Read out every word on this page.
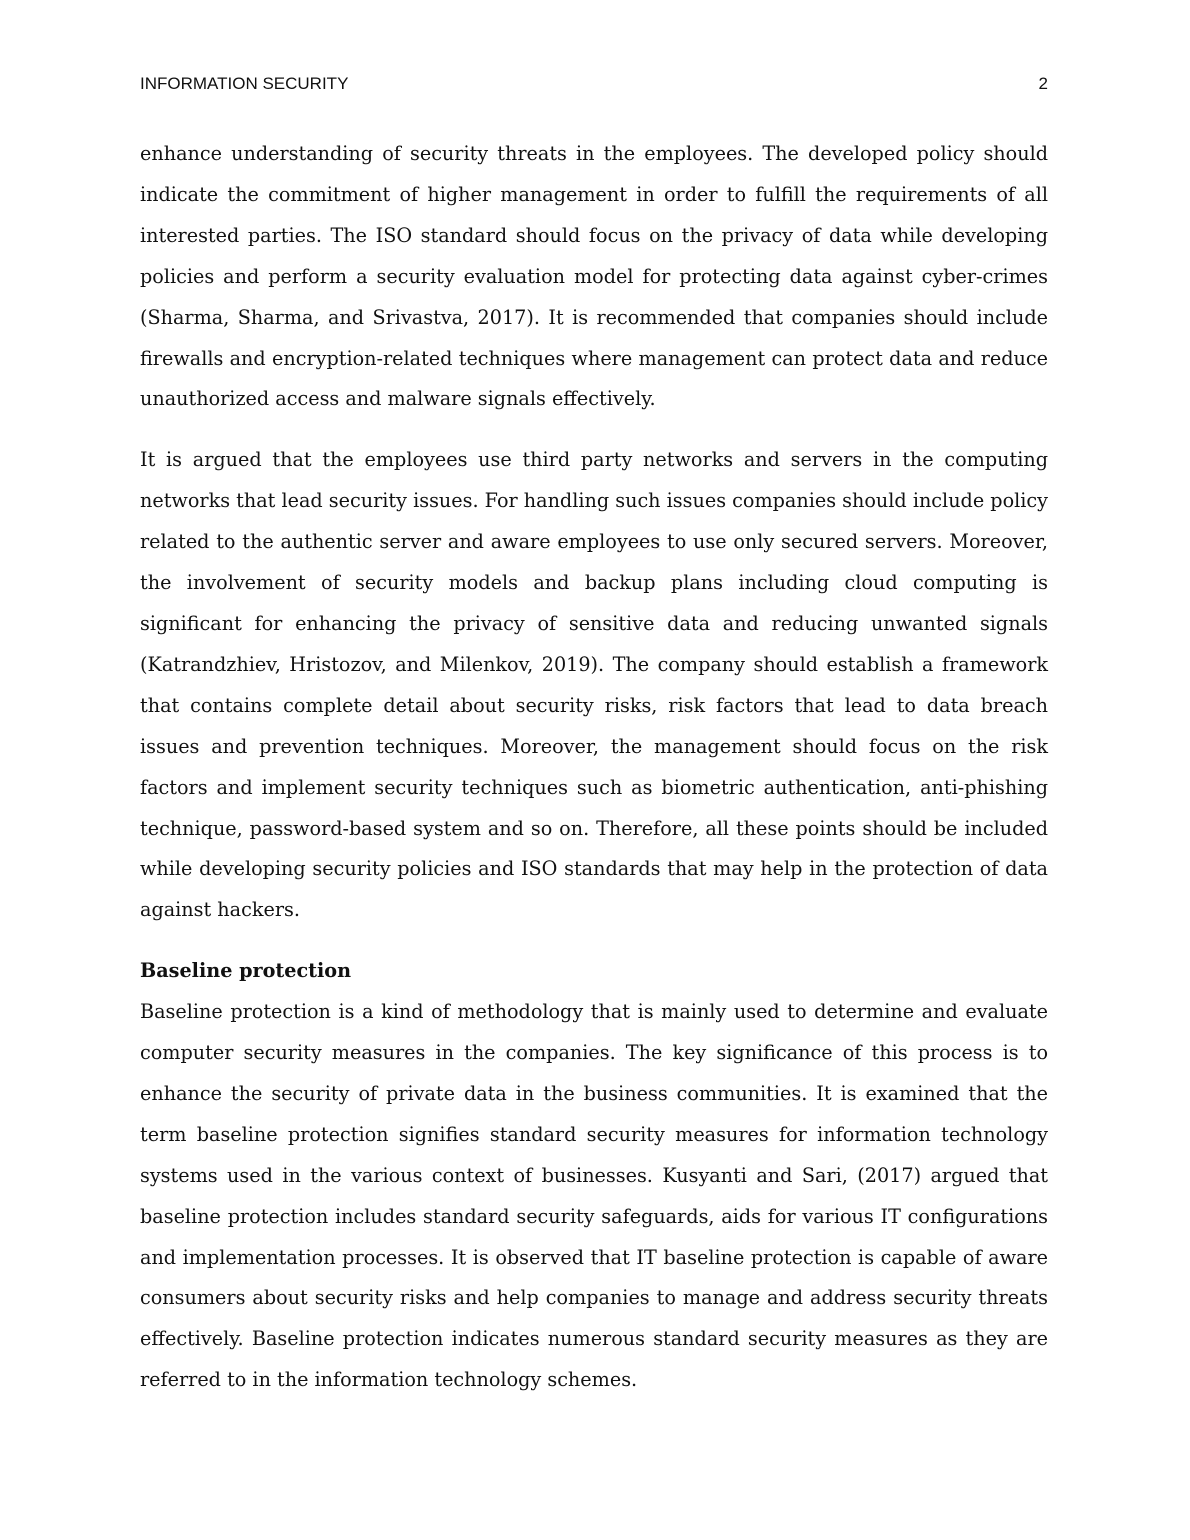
INFORMATION SECURITY	2

enhance understanding of security threats in the employees. The developed policy should indicate the commitment of higher management in order to fulfill the requirements of all interested parties. The ISO standard should focus on the privacy of data while developing policies and perform a security evaluation model for protecting data against cyber-crimes (Sharma, Sharma, and Srivastva, 2017). It is recommended that companies should include firewalls and encryption-related techniques where management can protect data and reduce unauthorized access and malware signals effectively.

It is argued that the employees use third party networks and servers in the computing networks that lead security issues. For handling such issues companies should include policy related to the authentic server and aware employees to use only secured servers. Moreover, the involvement of security models and backup plans including cloud computing is significant for enhancing the privacy of sensitive data and reducing unwanted signals (Katrandzhiev, Hristozov, and Milenkov, 2019). The company should establish a framework that contains complete detail about security risks, risk factors that lead to data breach issues and prevention techniques. Moreover, the management should focus on the risk factors and implement security techniques such as biometric authentication, anti-phishing technique, password-based system and so on. Therefore, all these points should be included while developing security policies and ISO standards that may help in the protection of data against hackers.

Baseline protection

Baseline protection is a kind of methodology that is mainly used to determine and evaluate computer security measures in the companies. The key significance of this process is to enhance the security of private data in the business communities. It is examined that the term baseline protection signifies standard security measures for information technology systems used in the various context of businesses. Kusyanti and Sari, (2017) argued that baseline protection includes standard security safeguards, aids for various IT configurations and implementation processes. It is observed that IT baseline protection is capable of aware consumers about security risks and help companies to manage and address security threats effectively. Baseline protection indicates numerous standard security measures as they are referred to in the information technology schemes.
